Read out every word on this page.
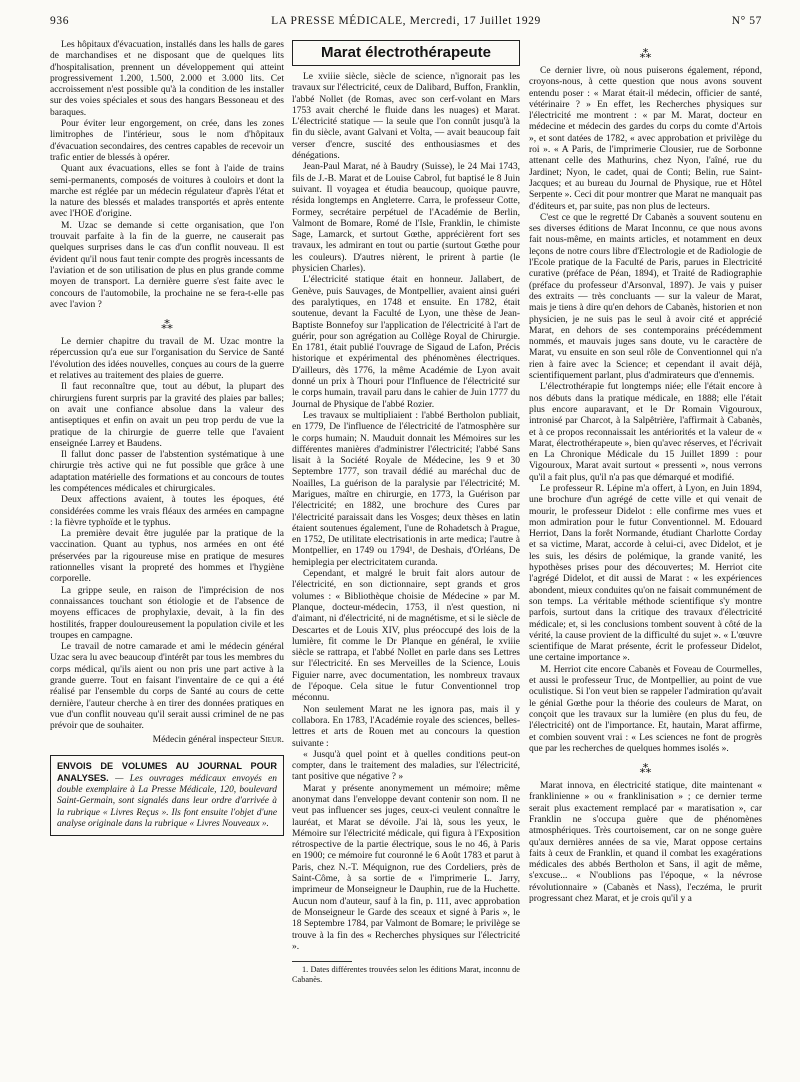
936	LA PRESSE MÉDICALE, Mercredi, 17 Juillet 1929	N° 57

Les hôpitaux d'évacuation, installés dans les halls de gares de marchandises et ne disposant que de quelques lits d'hospitalisation, prennent un développement qui atteint progressivement 1.200, 1.500, 2.000 et 3.000 lits. Cet accroissement n'est possible qu'à la condition de les installer sur des voies spéciales et sous des hangars Bessoneau et des baraques.

Pour éviter leur engorgement, on crée, dans les zones limitrophes de l'intérieur, sous le nom d'hôpitaux d'évacuation secondaires, des centres capables de recevoir un trafic entier de blessés à opérer.

Quant aux évacuations, elles se font à l'aide de trains semi-permanents, composés de voitures à couloirs et dont la marche est réglée par un médecin régulateur d'après l'état et la nature des blessés et malades transportés et après entente avec l'HOE d'origine.

M. Uzac se demande si cette organisation, que l'on trouvait parfaite à la fin de la guerre, ne causerait pas quelques surprises dans le cas d'un conflit nouveau. Il est évident qu'il nous faut tenir compte des progrès incessants de l'aviation et de son utilisation de plus en plus grande comme moyen de transport. La dernière guerre s'est faite avec le concours de l'automobile, la prochaine ne se fera-t-elle pas avec l'avion ?

⁂

Le dernier chapitre du travail de M. Uzac montre la répercussion qu'a eue sur l'organisation du Service de Santé l'évolution des idées nouvelles, conçues au cours de la guerre et relatives au traitement des plaies de guerre.

Il faut reconnaître que, tout au début, la plupart des chirurgiens furent surpris par la gravité des plaies par balles; on avait une confiance absolue dans la valeur des antiseptiques et enfin on avait un peu trop perdu de vue la pratique de la chirurgie de guerre telle que l'avaient enseignée Larrey et Baudens.

Il fallut donc passer de l'abstention systématique à une chirurgie très active qui ne fut possible que grâce à une adaptation matérielle des formations et au concours de toutes les compétences médicales et chirurgicales.

Deux affections avaient, à toutes les époques, été considérées comme les vrais fléaux des armées en campagne : la fièvre typhoïde et le typhus.

La première devait être jugulée par la pratique de la vaccination. Quant au typhus, nos armées en ont été préservées par la rigoureuse mise en pratique de mesures rationnelles visant la propreté des hommes et l'hygiène corporelle.

La grippe seule, en raison de l'imprécision de nos connaissances touchant son étiologie et de l'absence de moyens efficaces de prophylaxie, devait, à la fin des hostilités, frapper douloureusement la population civile et les troupes en campagne.

Le travail de notre camarade et ami le médecin général Uzac sera lu avec beaucoup d'intérêt par tous les membres du corps médical, qu'ils aient ou non pris une part active à la grande guerre. Tout en faisant l'inventaire de ce qui a été réalisé par l'ensemble du corps de Santé au cours de cette dernière, l'auteur cherche à en tirer des données pratiques en vue d'un conflit nouveau qu'il serait aussi criminel de ne pas prévoir que de souhaiter.

Médecin général inspecteur Sieur.
ENVOIS DE VOLUMES AU JOURNAL POUR ANALYSES. — Les ouvrages médicaux envoyés en double exemplaire à La Presse Médicale, 120, boulevard Saint-Germain, sont signalés dans leur ordre d'arrivée à la rubrique « Livres Reçus ». Ils font ensuite l'objet d'une analyse originale dans la rubrique « Livres Nouveaux ».
Marat électrothérapeute

Le xviiie siècle, siècle de science, n'ignorait pas les travaux sur l'électricité, ceux de Dalibard, Buffon, Franklin, l'abbé Nollet (de Romas, avec son cerf-volant en Mars 1753 avait cherché le fluide dans les nuages) et Marat. L'électricité statique — la seule que l'on connût jusqu'à la fin du siècle, avant Galvani et Volta, — avait beaucoup fait verser d'encre, suscité des enthousiasmes et des dénégations.

Jean-Paul Marat, né à Baudry (Suisse), le 24 Mai 1743, fils de J.-B. Marat et de Louise Cabrol, fut baptisé le 8 Juin suivant. Il voyagea et étudia beaucoup, quoique pauvre, résida longtemps en Angleterre. Carra, le professeur Cotte, Formey, secrétaire perpétuel de l'Académie de Berlin, Valmont de Bomare, Romé de l'Isle, Franklin, le chimiste Sage, Lamarck, et surtout Gœthe, apprécièrent fort ses travaux, les admirant en tout ou partie (surtout Gœthe pour les couleurs). D'autres nièrent, le prirent à partie (le physicien Charles).

L'électricité statique était en honneur. Jallabert, de Genève, puis Sauvages, de Montpellier, avaient ainsi guéri des paralytiques, en 1748 et ensuite. En 1782, était soutenue, devant la Faculté de Lyon, une thèse de Jean-Baptiste Bonnefoy sur l'application de l'électricité à l'art de guérir, pour son agrégation au Collège Royal de Chirurgie. En 1781, était publié l'ouvrage de Sigaud de Lafon, Précis historique et expérimental des phénomènes électriques. D'ailleurs, dès 1776, la même Académie de Lyon avait donné un prix à Thouri pour l'Influence de l'électricité sur le corps humain, travail paru dans le cahier de Juin 1777 du Journal de Physique de l'abbé Rozier.

Les travaux se multipliaient : l'abbé Bertholon publiait, en 1779, De l'influence de l'électricité de l'atmosphère sur le corps humain; N. Mauduit donnait les Mémoires sur les différentes manières d'administrer l'électricité; l'abbé Sans lisait à la Société Royale de Médecine, les 9 et 30 Septembre 1777, son travail dédié au maréchal duc de Noailles, La guérison de la paralysie par l'électricité; M. Marigues, maître en chirurgie, en 1773, la Guérison par l'électricité; en 1882, une brochure des Cures par l'électricité paraissait dans les Vosges; deux thèses en latin étaient soutenues également, l'une de Rohadetsch à Prague, en 1752, De utilitate electrisationis in arte medica; l'autre à Montpellier, en 1749 ou 1794¹, de Deshais, d'Orléans, De hemiplegia per electricitatem curanda.

Cependant, et malgré le bruit fait alors autour de l'électricité, en son dictionnaire, sept grands et gros volumes : « Bibliothèque choisie de Médecine » par M. Planque, docteur-médecin, 1753, il n'est question, ni d'aimant, ni d'électricité, ni de magnétisme, et si le siècle de Descartes et de Louis XIV, plus préoccupé des lois de la lumière, fit comme le Dr Planque en général, le xviiie siècle se rattrapa, et l'abbé Nollet en parle dans ses Lettres sur l'électricité. En ses Merveilles de la Science, Louis Figuier narre, avec documentation, les nombreux travaux de l'époque. Cela situe le futur Conventionnel trop méconnu.

Non seulement Marat ne les ignora pas, mais il y collabora. En 1783, l'Académie royale des sciences, belles-lettres et arts de Rouen met au concours la question suivante :

« Jusqu'à quel point et à quelles conditions peut-on compter, dans le traitement des maladies, sur l'électricité, tant positive que négative ? »

Marat y présente anonymement un mémoire; même anonymat dans l'enveloppe devant contenir son nom. Il ne veut pas influencer ses juges, ceux-ci veulent connaître le lauréat, et Marat se dévoile. J'ai là, sous les yeux, le Mémoire sur l'électricité médicale, qui figura à l'Exposition rétrospective de la partie électrique, sous le no 46, à Paris en 1900; ce mémoire fut couronné le 6 Août 1783 et parut à Paris, chez N.-T. Méquignon, rue des Cordeliers, près de Saint-Côme, à sa sortie de « l'imprimerie L. Jarry, imprimeur de Monseigneur le Dauphin, rue de la Huchette. Aucun nom d'auteur, sauf à la fin, p. 111, avec approbation de Monseigneur le Garde des sceaux et signé à Paris », le 18 Septembre 1784, par Valmont de Bomare; le privilège se trouve à la fin des « Recherches physiques sur l'électricité ».

1. Dates différentes trouvées selon les éditions Marat, inconnu de Cabanès.

⁂

Ce dernier livre, où nous puiserons également, répond, croyons-nous, à cette question que nous avons souvent entendu poser : « Marat était-il médecin, officier de santé, vétérinaire ? » En effet, les Recherches physiques sur l'électricité me montrent : « par M. Marat, docteur en médecine et médecin des gardes du corps du comte d'Artois », et sont datées de 1782, « avec approbation et privilège du roi ». « A Paris, de l'imprimerie Clousier, rue de Sorbonne attenant celle des Mathurins, chez Nyon, l'aîné, rue du Jardinet; Nyon, le cadet, quai de Conti; Belin, rue Saint-Jacques; et au bureau du Journal de Physique, rue et Hôtel Serpente ». Ceci dit pour montrer que Marat ne manquait pas d'éditeurs et, par suite, pas non plus de lecteurs.

C'est ce que le regretté Dr Cabanès a souvent soutenu en ses diverses éditions de Marat Inconnu, ce que nous avons fait nous-même, en maints articles, et notamment en deux leçons de notre cours libre d'Electrologie et de Radiologie de l'Ecole pratique de la Faculté de Paris, parues in Electricité curative (préface de Péan, 1894), et Traité de Radiographie (préface du professeur d'Arsonval, 1897). Je vais y puiser des extraits — très concluants — sur la valeur de Marat, mais je tiens à dire qu'en dehors de Cabanès, historien et non physicien, je ne suis pas le seul à avoir cité et apprécié Marat, en dehors de ses contemporains précédemment nommés, et mauvais juges sans doute, vu le caractère de Marat, vu ensuite en son seul rôle de Conventionnel qui n'a rien à faire avec la Science; et cependant il avait déjà, scientifiquement parlant, plus d'admirateurs que d'ennemis.

L'électrothérapie fut longtemps niée; elle l'était encore à nos débuts dans la pratique médicale, en 1888; elle l'était plus encore auparavant, et le Dr Romain Vigouroux, intronisé par Charcot, à la Salpêtrière, l'affirmait à Cabanès, et à ce propos reconnaissait les antériorités et la valeur de « Marat, électrothérapeute », bien qu'avec réserves, et l'écrivait en La Chronique Médicale du 15 Juillet 1899 : pour Vigouroux, Marat avait surtout « pressenti », nous verrons qu'il a fait plus, qu'il n'a pas que démarqué et modifié.

Le professeur R. Lépine m'a offert, à Lyon, en Juin 1894, une brochure d'un agrégé de cette ville et qui venait de mourir, le professeur Didelot : elle confirme mes vues et mon admiration pour le futur Conventionnel. M. Edouard Herriot, Dans la forêt Normande, étudiant Charlotte Corday et sa victime, Marat, accorde à celui-ci, avec Didelot, et je les suis, les désirs de polémique, la grande vanité, les hypothèses prises pour des découvertes; M. Herriot cite l'agrégé Didelot, et dit aussi de Marat : « les expériences abondent, mieux conduites qu'on ne faisait communément de son temps. La véritable méthode scientifique s'y montre parfois, surtout dans la critique des travaux d'électricité médicale; et, si les conclusions tombent souvent à côté de la vérité, la cause provient de la difficulté du sujet ». « L'œuvre scientifique de Marat présente, écrit le professeur Didelot, une certaine importance ».

M. Herriot cite encore Cabanès et Foveau de Courmelles, et aussi le professeur Truc, de Montpellier, au point de vue oculistique. Si l'on veut bien se rappeler l'admiration qu'avait le génial Gœthe pour la théorie des couleurs de Marat, on conçoit que les travaux sur la lumière (en plus du feu, de l'électricité) ont de l'importance. Et, hautain, Marat affirme, et combien souvent vrai : « Les sciences ne font de progrès que par les recherches de quelques hommes isolés ».

⁂

Marat innova, en électricité statique, dite maintenant « franklinienne » ou « franklinisation » ; ce dernier terme serait plus exactement remplacé par « maratisation », car Franklin ne s'occupa guère que de phénomènes atmosphériques. Très courtoisement, car on ne songe guère qu'aux dernières années de sa vie, Marat oppose certains faits à ceux de Franklin, et quand il combat les exagérations médicales des abbés Bertholon et Sans, il agit de même, s'excuse... « N'oublions pas l'époque, « la névrose révolutionnaire » (Cabanès et Nass), l'eczéma, le prurit progressant chez Marat, et je crois qu'il y a
